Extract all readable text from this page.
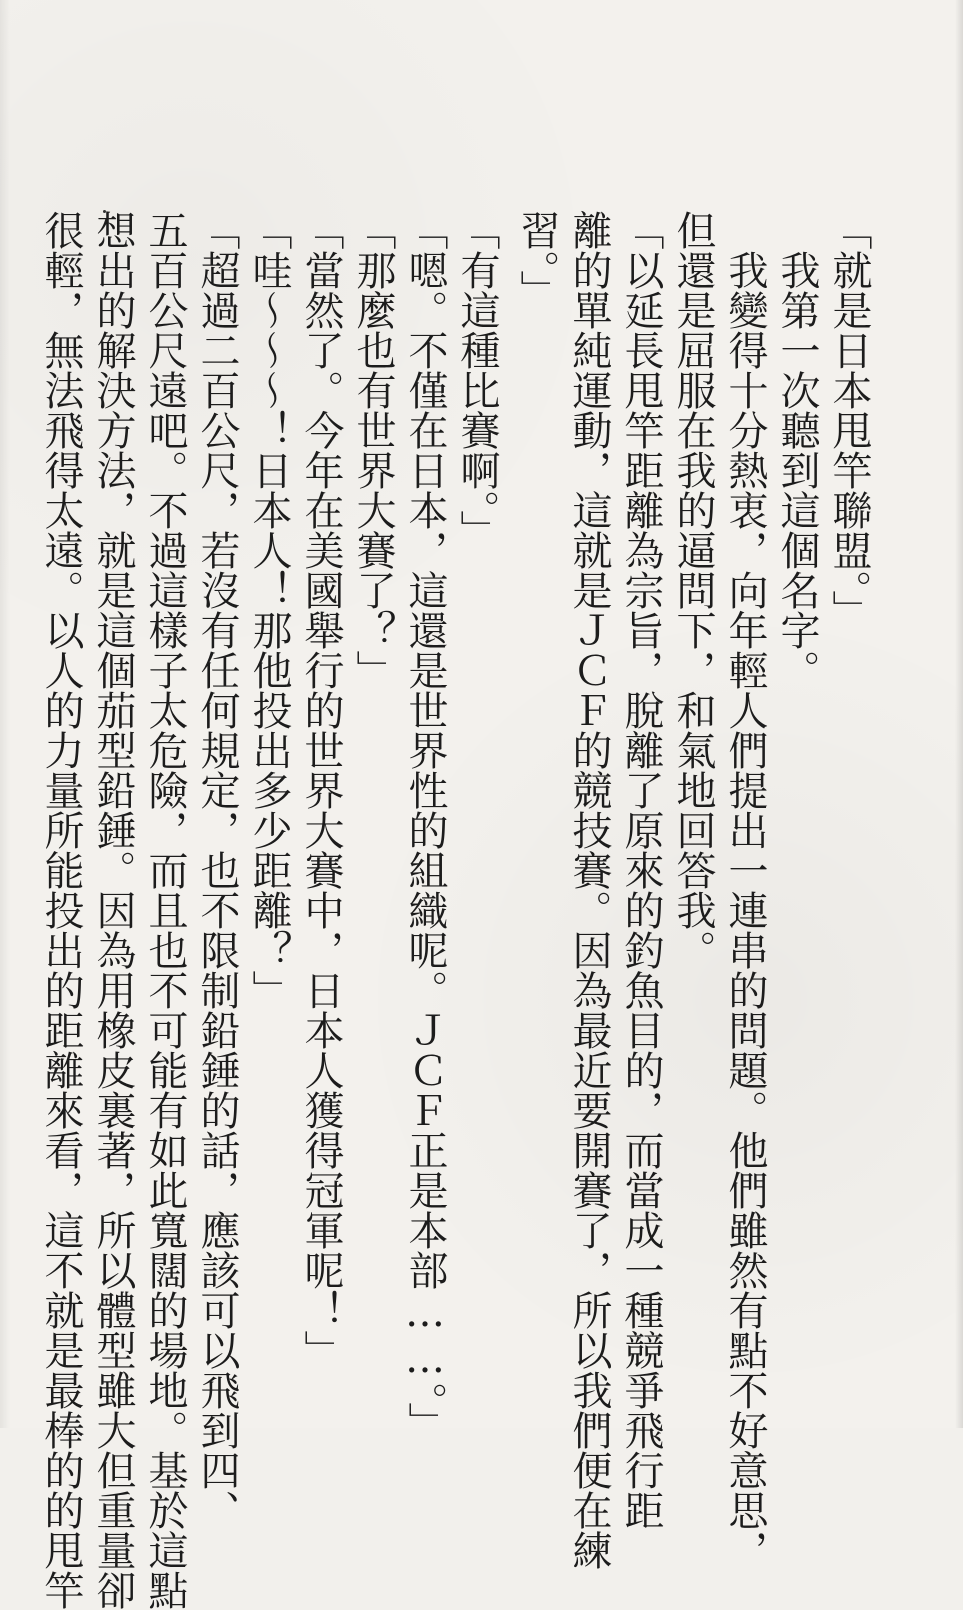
「就是日本甩竿聯盟。」
　我第一次聽到這個名字。
　我變得十分熱衷，向年輕人們提出一連串的問題。他們雖然有點不好意思，
但還是屈服在我的逼問下，和氣地回答我。
「以延長甩竿距離為宗旨，脫離了原來的釣魚目的，而當成一種競爭飛行距
離的單純運動，這就是ＪＣＦ的競技賽。因為最近要開賽了，所以我們便在練
習。」
「有這種比賽啊。」
「嗯。不僅在日本，這還是世界性的組織呢。ＪＣＦ正是本部……。」
「那麼也有世界大賽了？」
「當然了。今年在美國舉行的世界大賽中，日本人獲得冠軍呢！」
「哇～～～！日本人！那他投出多少距離？」
「超過二百公尺，若沒有任何規定，也不限制鉛錘的話，應該可以飛到四、
五百公尺遠吧。不過這樣子太危險，而且也不可能有如此寬闊的場地。基於這點
想出的解決方法，就是這個茄型鉛錘。因為用橡皮裏著，所以體型雖大但重量卻
很輕，無法飛得太遠。以人的力量所能投出的距離來看，這不就是最棒的的甩竿
